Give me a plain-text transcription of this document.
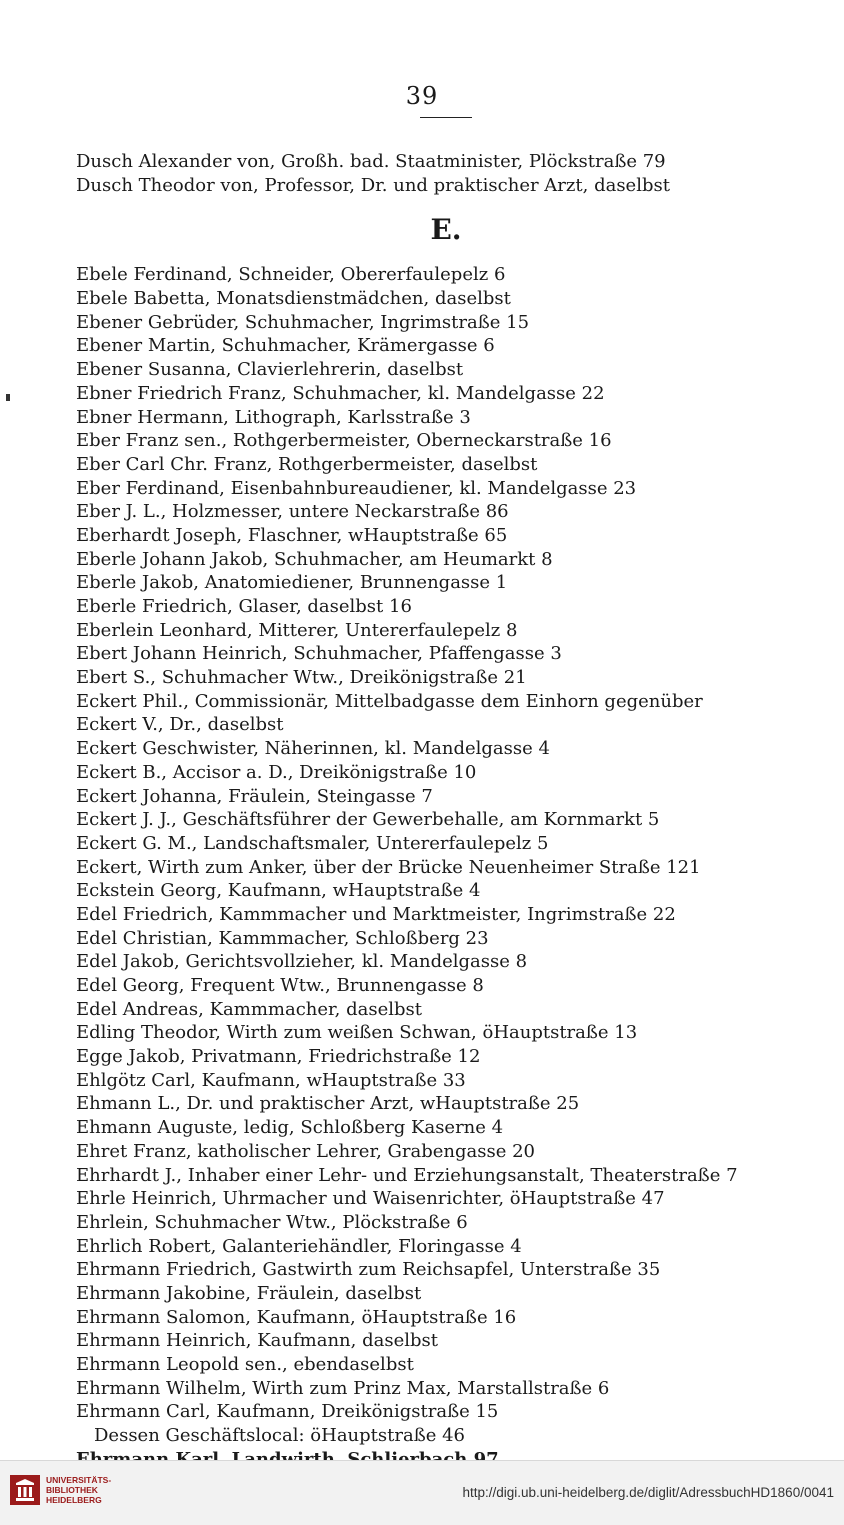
39
Dusch Alexander von, Großh. bad. Staatminister, Plöckstraße 79
Dusch Theodor von, Professor, Dr. und praktischer Arzt, daselbst
E.
Ebele Ferdinand, Schneider, Obererfaulepelz 6
Ebele Babetta, Monatsdienstmädchen, daselbst
Ebener Gebrüder, Schuhmacher, Ingrimstraße 15
Ebener Martin, Schuhmacher, Krämergasse 6
Ebener Susanna, Clavierlehrerin, daselbst
Ebner Friedrich Franz, Schuhmacher, kl. Mandelgasse 22
Ebner Hermann, Lithograph, Karlsstraße 3
Eber Franz sen., Rothgerbermeister, Oberneckarstraße 16
Eber Carl Chr. Franz, Rothgerbermeister, daselbst
Eber Ferdinand, Eisenbahnbureaudiener, kl. Mandelgasse 23
Eber J. L., Holzmesser, untere Neckarstraße 86
Eberhardt Joseph, Flaschner, wHauptstraße 65
Eberle Johann Jakob, Schuhmacher, am Heumarkt 8
Eberle Jakob, Anatomiediener, Brunnengasse 1
Eberle Friedrich, Glaser, daselbst 16
Eberlein Leonhard, Mitterer, Untererfaulepelz 8
Ebert Johann Heinrich, Schuhmacher, Pfaffengasse 3
Ebert S., Schuhmacher Wtw., Dreikönigstraße 21
Eckert Phil., Commissionär, Mittelbadgasse dem Einhorn gegenüber
Eckert V., Dr., daselbst
Eckert Geschwister, Näherinnen, kl. Mandelgasse 4
Eckert B., Accisor a. D., Dreikönigstraße 10
Eckert Johanna, Fräulein, Steingasse 7
Eckert J. J., Geschäftsführer der Gewerbehalle, am Kornmarkt 5
Eckert G. M., Landschaftsmaler, Untererfaulepelz 5
Eckert, Wirth zum Anker, über der Brücke Neuenheimer Straße 121
Eckstein Georg, Kaufmann, wHauptstraße 4
Edel Friedrich, Kammmacher und Marktmeister, Ingrimstraße 22
Edel Christian, Kammmacher, Schloßberg 23
Edel Jakob, Gerichtsvollzieher, kl. Mandelgasse 8
Edel Georg, Frequent Wtw., Brunnengasse 8
Edel Andreas, Kammmacher, daselbst
Edling Theodor, Wirth zum weißen Schwan, öHauptstraße 13
Egge Jakob, Privatmann, Friedrichstraße 12
Ehlgötz Carl, Kaufmann, wHauptstraße 33
Ehmann L., Dr. und praktischer Arzt, wHauptstraße 25
Ehmann Auguste, ledig, Schloßberg Kaserne 4
Ehret Franz, katholischer Lehrer, Grabengasse 20
Ehrhardt J., Inhaber einer Lehr- und Erziehungsanstalt, Theaterstraße 7
Ehrle Heinrich, Uhrmacher und Waisenrichter, öHauptstraße 47
Ehrlein, Schuhmacher Wtw., Plöckstraße 6
Ehrlich Robert, Galanteriehändler, Floringasse 4
Ehrmann Friedrich, Gastwirth zum Reichsapfel, Unterstraße 35
Ehrmann Jakobine, Fräulein, daselbst
Ehrmann Salomon, Kaufmann, öHauptstraße 16
Ehrmann Heinrich, Kaufmann, daselbst
Ehrmann Leopold sen., ebendaselbst
Ehrmann Wilhelm, Wirth zum Prinz Max, Marstallstraße 6
Ehrmann Carl, Kaufmann, Dreikönigstraße 15
Dessen Geschäftslocal: öHauptstraße 46
UNIVERSITÄTS-
BIBLIOTHEK
HEIDELBERG	http://digi.ub.uni-heidelberg.de/diglit/AdressbuchHD1860/0041
